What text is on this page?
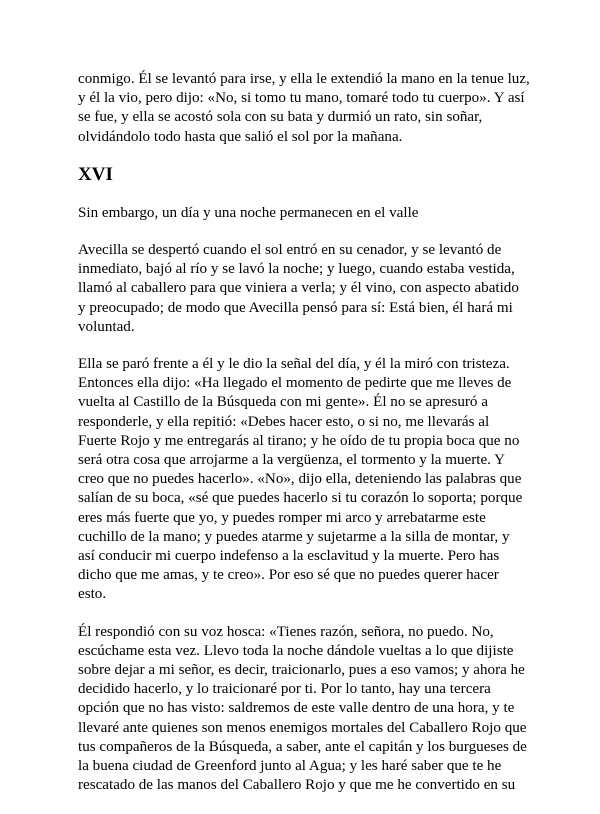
conmigo. Él se levantó para irse, y ella le extendió la mano en la tenue luz, y él la vio, pero dijo: «No, si tomo tu mano, tomaré todo tu cuerpo». Y así se fue, y ella se acostó sola con su bata y durmió un rato, sin soñar, olvidándolo todo hasta que salió el sol por la mañana.

XVI

Sin embargo, un día y una noche permanecen en el valle

Avecilla se despertó cuando el sol entró en su cenador, y se levantó de inmediato, bajó al río y se lavó la noche; y luego, cuando estaba vestida, llamó al caballero para que viniera a verla; y él vino, con aspecto abatido y preocupado; de modo que Avecilla pensó para sí: Está bien, él hará mi voluntad.

Ella se paró frente a él y le dio la señal del día, y él la miró con tristeza. Entonces ella dijo: «Ha llegado el momento de pedirte que me lleves de vuelta al Castillo de la Búsqueda con mi gente». Él no se apresuró a responderle, y ella repitió: «Debes hacer esto, o si no, me llevarás al Fuerte Rojo y me entregarás al tirano; y he oído de tu propia boca que no será otra cosa que arrojarme a la vergüenza, el tormento y la muerte. Y creo que no puedes hacerlo». «No», dijo ella, deteniendo las palabras que salían de su boca, «sé que puedes hacerlo si tu corazón lo soporta; porque eres más fuerte que yo, y puedes romper mi arco y arrebatarme este cuchillo de la mano; y puedes atarme y sujetarme a la silla de montar, y así conducir mi cuerpo indefenso a la esclavitud y la muerte. Pero has dicho que me amas, y te creo». Por eso sé que no puedes querer hacer esto.

Él respondió con su voz hosca: «Tienes razón, señora, no puedo. No, escúchame esta vez. Llevo toda la noche dándole vueltas a lo que dijiste sobre dejar a mi señor, es decir, traicionarlo, pues a eso vamos; y ahora he decidido hacerlo, y lo traicionaré por ti. Por lo tanto, hay una tercera opción que no has visto: saldremos de este valle dentro de una hora, y te llevaré ante quienes son menos enemigos mortales del Caballero Rojo que tus compañeros de la Búsqueda, a saber, ante el capitán y los burgueses de la buena ciudad de Greenford junto al Agua; y les haré saber que te he rescatado de las manos del Caballero Rojo y que me he convertido en su
